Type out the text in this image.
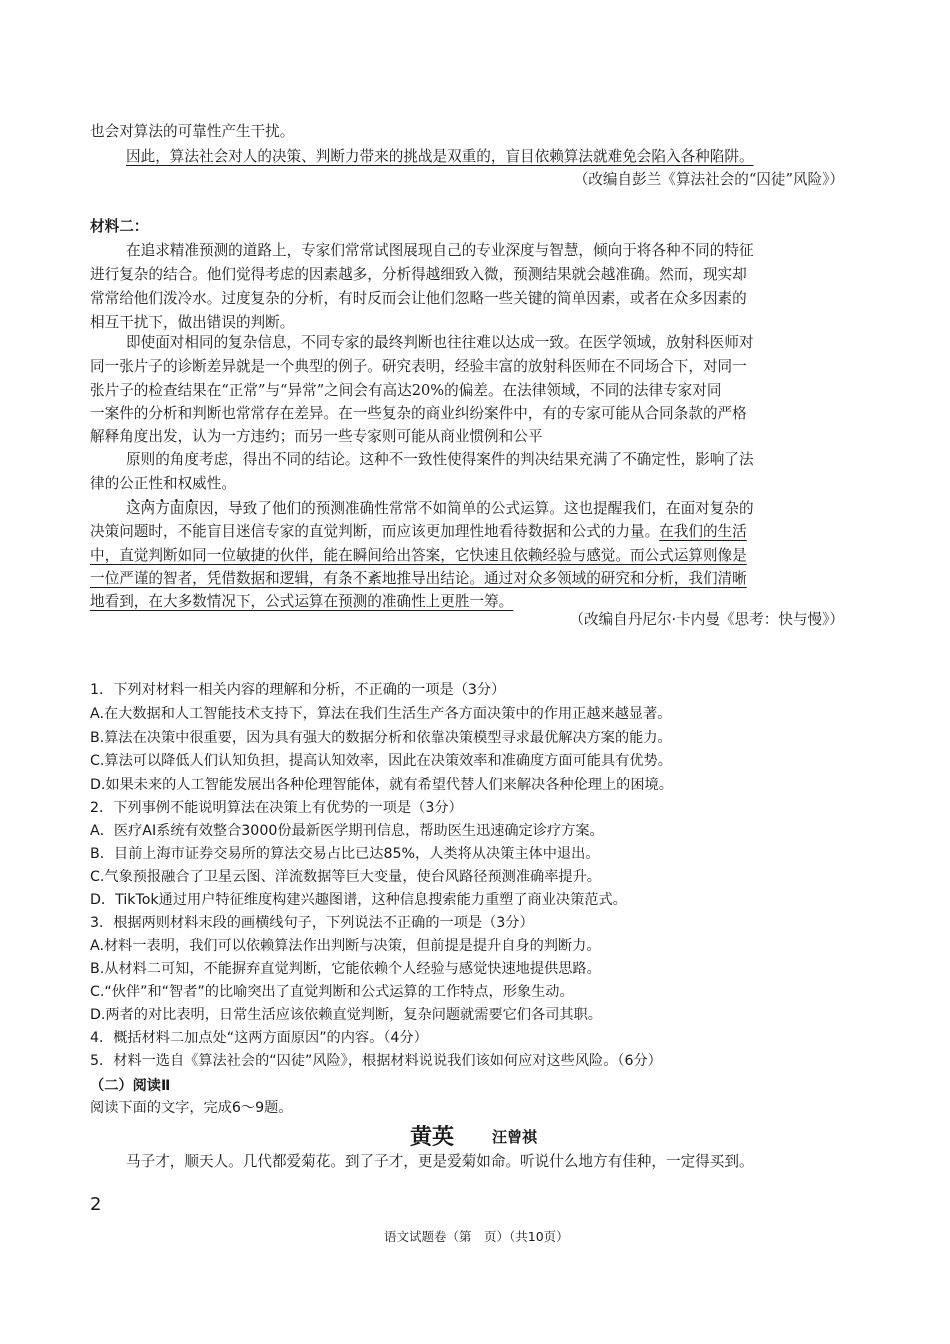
也会对算法的可靠性产生干扰。
因此，算法社会对人的决策、判断力带来的挑战是双重的，盲目依赖算法就难免会陷入各种陷阱。
（改编自彭兰《算法社会的“囚徒”风险》）
材料二：
在追求精准预测的道路上，专家们常常试图展现自己的专业深度与智慧，倾向于将各种不同的特征
进行复杂的结合。他们觉得考虑的因素越多，分析得越细致入微，预测结果就会越准确。然而，现实却
常常给他们泼冷水。过度复杂的分析，有时反而会让他们忽略一些关键的简单因素，或者在众多因素的
相互干扰下，做出错误的判断。
即使面对相同的复杂信息，不同专家的最终判断也往往难以达成一致。在医学领域，放射科医师对
同一张片子的诊断差异就是一个典型的例子。研究表明，经验丰富的放射科医师在不同场合下，对同一
张片子的检查结果在“正常”与“异常”之间会有高达20%的偏差。在法律领域，不同的法律专家对同
一案件的分析和判断也常常存在差异。在一些复杂的商业纠纷案件中，有的专家可能从合同条款的严格
解释角度出发，认为一方违约；而另一些专家则可能从商业惯例和公平
原则的角度考虑，得出不同的结论。这种不一致性使得案件的判决结果充满了不确定性，影响了法
律的公正性和权威性。
• • • 这两方面原因，导致了他们的预测准确性常常不如简单的公式运算。这也提醒我们，在面对复杂的
决策问题时，不能盲目迷信专家的直觉判断，而应该更加理性地看待数据和公式的力量。在我们的生活
中，直觉判断如同一位敏捷的伙伴，能在瞬间给出答案，它快速且依赖经验与感觉。而公式运算则像是
一位严谨的智者，凭借数据和逻辑，有条不紊地推导出结论。通过对众多领域的研究和分析，我们清晰
地看到，在大多数情况下，公式运算在预测的准确性上更胜一筹。
（改编自丹尼尔·卡内曼《思考：快与慢》）
1．下列对材料一相关内容的理解和分析，不正确的一项是（3分）
A.在大数据和人工智能技术支持下，算法在我们生活生产各方面决策中的作用正越来越显著。
B.算法在决策中很重要，因为具有强大的数据分析和依靠决策模型寻求最优解决方案的能力。
C.算法可以降低人们认知负担，提高认知效率，因此在决策效率和准确度方面可能具有优势。
D.如果未来的人工智能发展出各种伦理智能体，就有希望代替人们来解决各种伦理上的困境。
2．下列事例不能说明算法在决策上有优势的一项是（3分）
A．医疗AI系统有效整合3000份最新医学期刊信息，帮助医生迅速确定诊疗方案。
B．目前上海市证券交易所的算法交易占比已达85%，人类将从决策主体中退出。
C.气象预报融合了卫星云图、洋流数据等巨大变量，使台风路径预测准确率提升。
D．TikTok通过用户特征维度构建兴趣图谱，这种信息搜索能力重塑了商业决策范式。
3．根据两则材料末段的画横线句子，下列说法不正确的一项是（3分）
A.材料一表明，我们可以依赖算法作出判断与决策，但前提是提升自身的判断力。
B.从材料二可知，不能摒弃直觉判断，它能依赖个人经验与感觉快速地提供思路。
C.“伙伴”和“智者”的比喻突出了直觉判断和公式运算的工作特点，形象生动。
D.两者的对比表明，日常生活应该依赖直觉判断，复杂问题就需要它们各司其职。
4．概括材料二加点处“这两方面原因”的内容。（4分）
5．材料一选自《算法社会的“囚徒”风险》，根据材料说说我们该如何应对这些风险。（6分）
（二）阅读Ⅱ
阅读下面的文字，完成6～9题。
黄英	汪曾祺
马子才，顺天人。几代都爱菊花。到了子才，更是爱菊如命。听说什么地方有佳种，一定得买到。
2
语文试题卷（第　页）（共10页）
